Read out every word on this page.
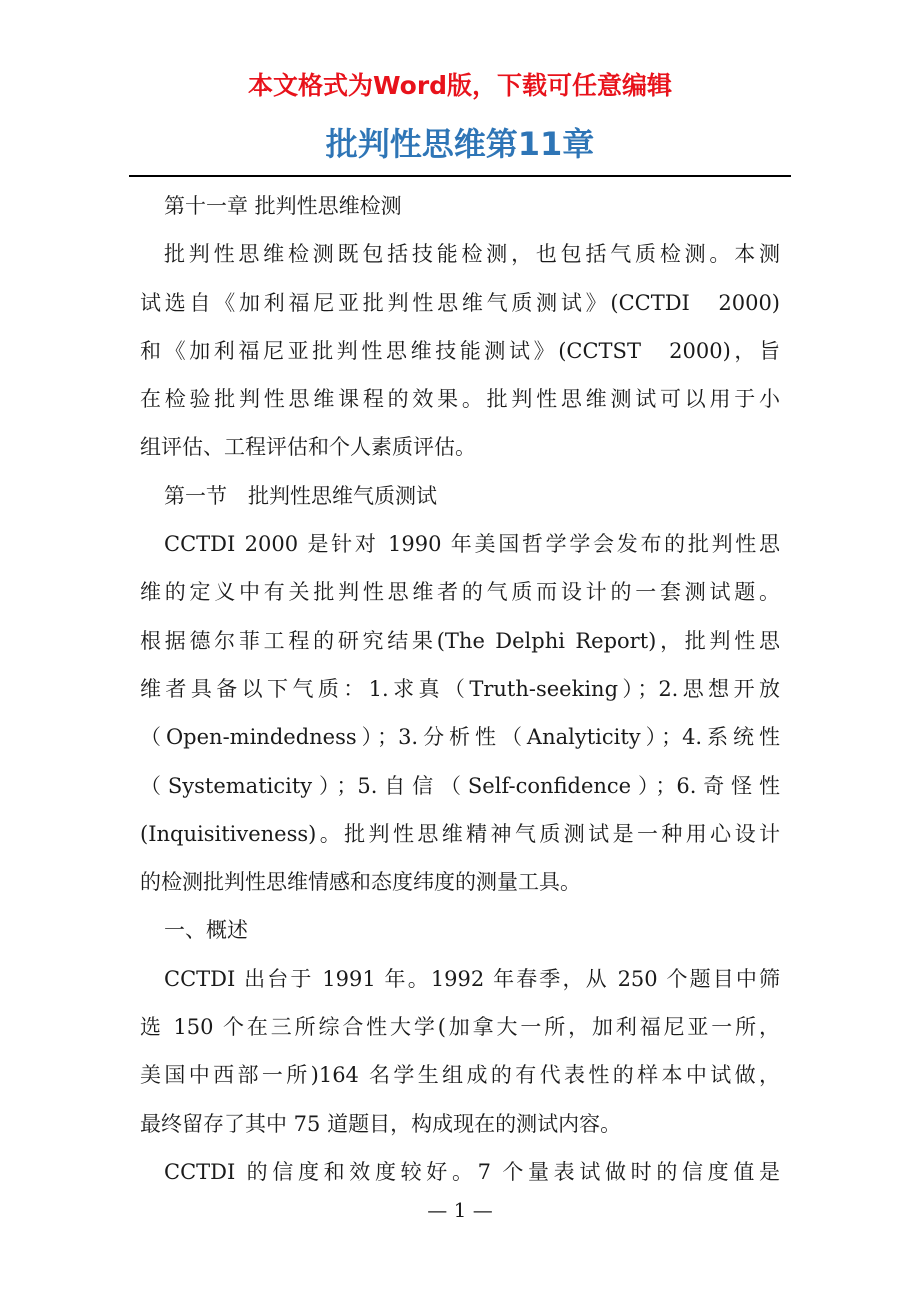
本文格式为Word版，下载可任意编辑
批判性思维第11章
第十一章 批判性思维检测
批判性思维检测既包括技能检测，也包括气质检测。本测
试选自《加利福尼亚批判性思维气质测试》(CCTDI　2000)
和《加利福尼亚批判性思维技能测试》(CCTST　2000)，旨
在检验批判性思维课程的效果。批判性思维测试可以用于小
组评估、工程评估和个人素质评估。
第一节　批判性思维气质测试
CCTDI 2000 是针对 1990 年美国哲学学会发布的批判性思
维的定义中有关批判性思维者的气质而设计的一套测试题。
根据德尔菲工程的研究结果(The Delphi Report)，批判性思
维者具备以下气质：1.求真（Truth-seeking）；2.思想开放
（Open-mindedness）；3.分析性（Analyticity）；4.系统性
（Systematicity）；5.自信（Self-confidence）；6.奇怪性
(Inquisitiveness)。批判性思维精神气质测试是一种用心设计
的检测批判性思维情感和态度纬度的测量工具。
一、概述
CCTDI 出台于 1991 年。1992 年春季，从 250 个题目中筛
选 150 个在三所综合性大学(加拿大一所，加利福尼亚一所，
美国中西部一所)164 名学生组成的有代表性的样本中试做，
最终留存了其中 75 道题目，构成现在的测试内容。
CCTDI 的信度和效度较好。7 个量表试做时的信度值是
— 1 —
